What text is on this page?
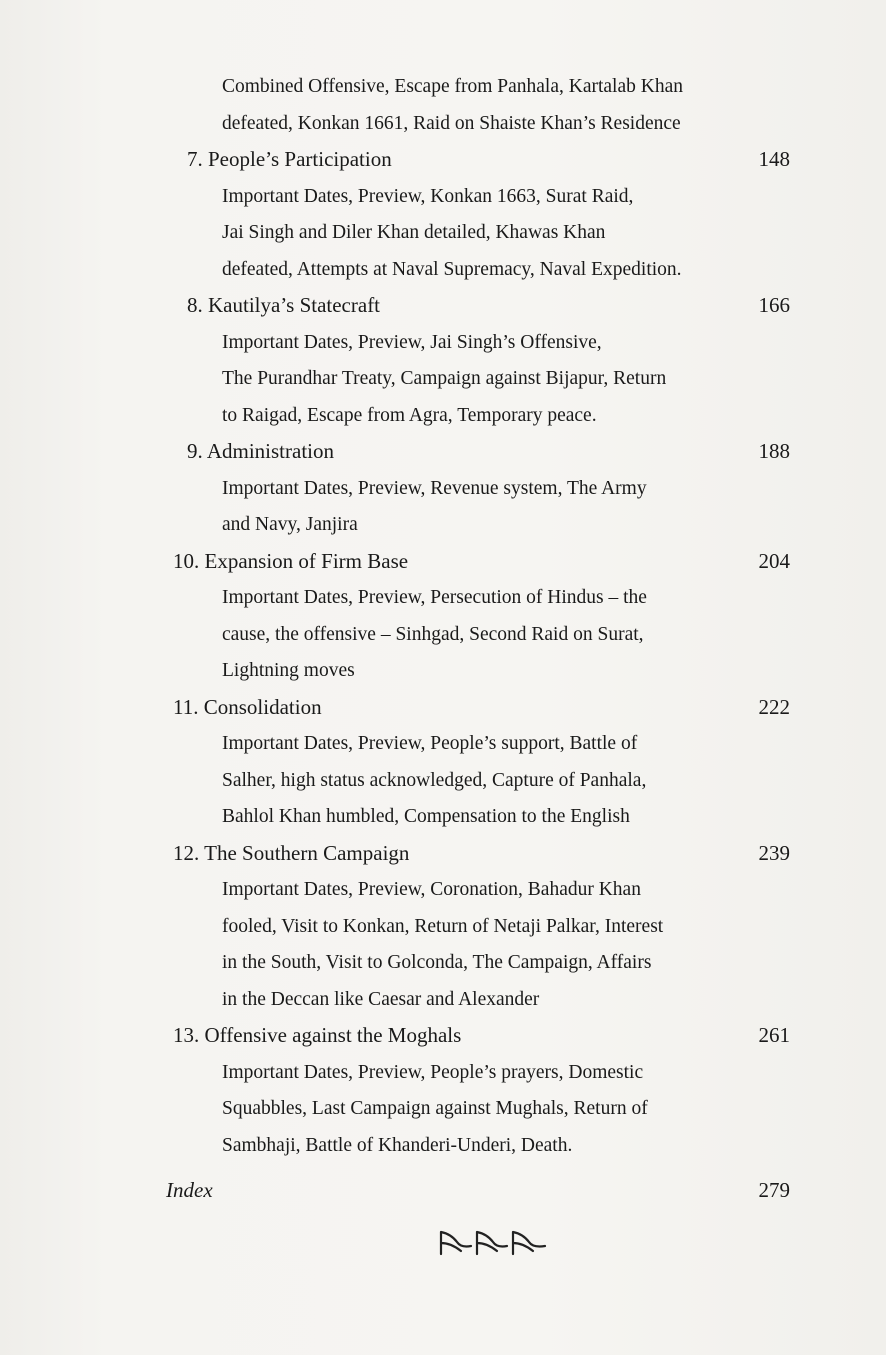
Combined Offensive, Escape from Panhala, Kartalab Khan
defeated, Konkan 1661, Raid on Shaiste Khan’s Residence
7. People’s Participation	148
Important Dates, Preview, Konkan 1663, Surat Raid,
Jai Singh and Diler Khan detailed, Khawas Khan
defeated, Attempts at Naval Supremacy, Naval Expedition.
8. Kautilya’s Statecraft	166
Important Dates, Preview, Jai Singh’s Offensive,
The Purandhar Treaty, Campaign against Bijapur, Return
to Raigad, Escape from Agra, Temporary peace.
9. Administration	188
Important Dates, Preview, Revenue system, The Army
and Navy, Janjira
10. Expansion of Firm Base	204
Important Dates, Preview, Persecution of Hindus – the
cause, the offensive – Sinhgad, Second Raid on Surat,
Lightning moves
11. Consolidation	222
Important Dates, Preview, People’s support, Battle of
Salher, high status acknowledged, Capture of Panhala,
Bahlol Khan humbled, Compensation to the English
12. The Southern Campaign	239
Important Dates, Preview, Coronation, Bahadur Khan
fooled, Visit to Konkan, Return of Netaji Palkar, Interest
in the South, Visit to Golconda, The Campaign, Affairs
in the Deccan like Caesar and Alexander
13. Offensive against the Moghals	261
Important Dates, Preview, People’s prayers, Domestic
Squabbles, Last Campaign against Mughals, Return of
Sambhaji, Battle of Khanderi-Underi, Death.
Index	279
